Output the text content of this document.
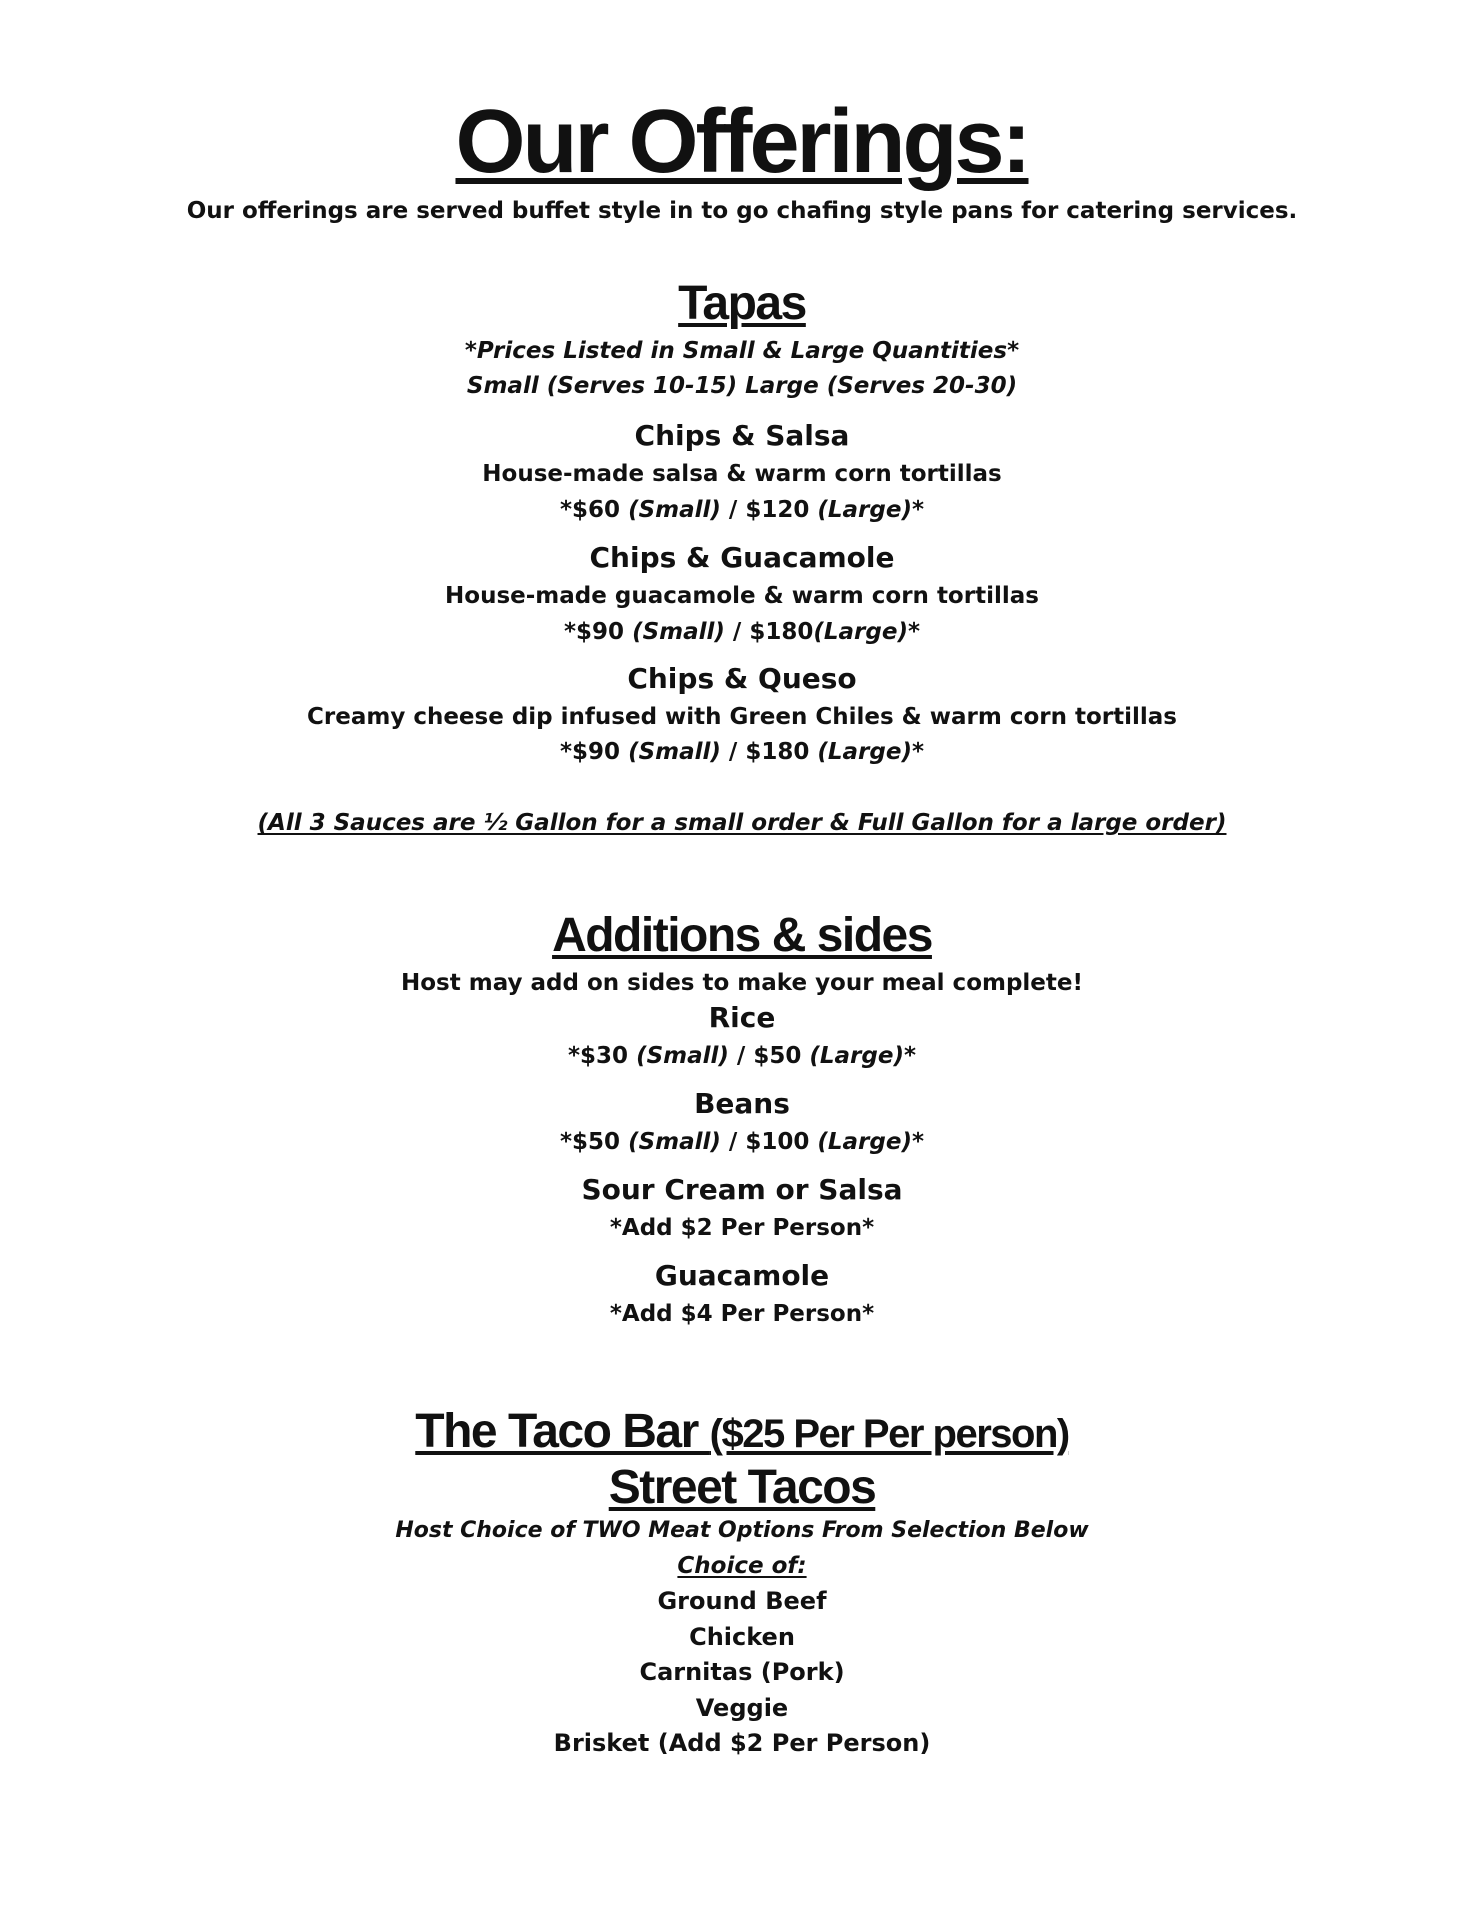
Our Offerings:
Our offerings are served buffet style in to go chafing style pans for catering services.
Tapas
*Prices Listed in Small & Large Quantities*
Small (Serves 10-15) Large (Serves 20-30)
Chips & Salsa
House-made salsa & warm corn tortillas
*$60 (Small) / $120 (Large)*
Chips & Guacamole
House-made guacamole & warm corn tortillas
*$90 (Small) / $180(Large)*
Chips & Queso
Creamy cheese dip infused with Green Chiles & warm corn tortillas
*$90 (Small) / $180 (Large)*
(All 3 Sauces are ½ Gallon for a small order & Full Gallon for a large order)
Additions & sides
Host may add on sides to make your meal complete!
Rice
*$30 (Small) / $50 (Large)*
Beans
*$50 (Small) / $100 (Large)*
Sour Cream or Salsa
*Add $2 Per Person*
Guacamole
*Add $4 Per Person*
The Taco Bar ($25 Per Per person)
Street Tacos
Host Choice of TWO Meat Options From Selection Below
Choice of:
Ground Beef
Chicken
Carnitas (Pork)
Veggie
Brisket (Add $2 Per Person)
